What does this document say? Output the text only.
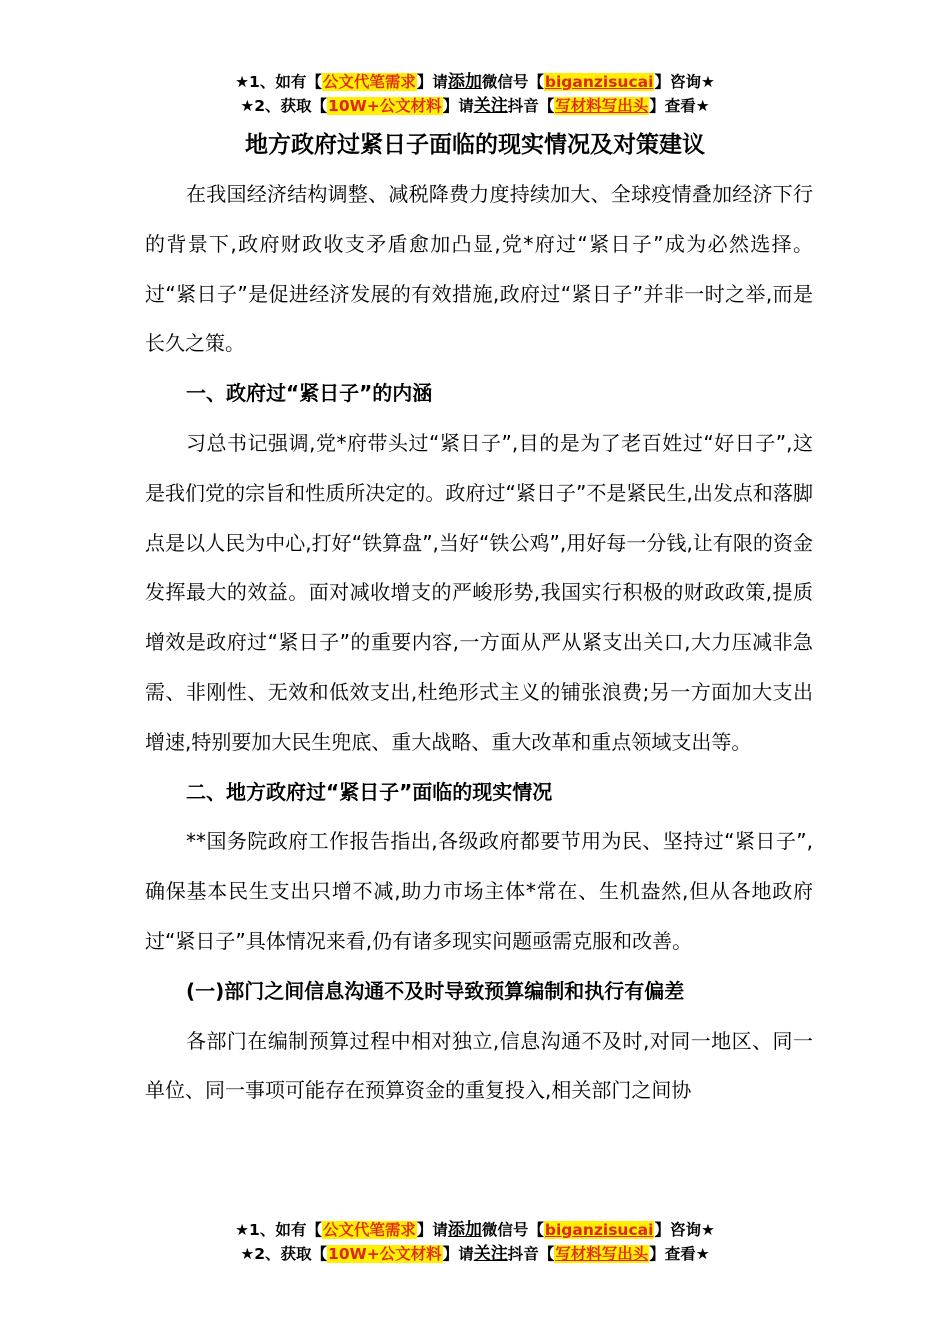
★1、如有【公文代笔需求】请添加微信号【biganzisucai】咨询★
★2、获取【10W+公文材料】请关注抖音【写材料写出头】查看★
地方政府过紧日子面临的现实情况及对策建议

在我国经济结构调整、减税降费力度持续加大、全球疫情叠加经济下行的背景下,政府财政收支矛盾愈加凸显,党*府过“紧日子”成为必然选择。过“紧日子”是促进经济发展的有效措施,政府过“紧日子”并非一时之举,而是长久之策。

一、政府过“紧日子”的内涵

习总书记强调,党*府带头过“紧日子”,目的是为了老百姓过“好日子”,这是我们党的宗旨和性质所决定的。政府过“紧日子”不是紧民生,出发点和落脚点是以人民为中心,打好“铁算盘”,当好“铁公鸡”,用好每一分钱,让有限的资金发挥最大的效益。面对减收增支的严峻形势,我国实行积极的财政政策,提质增效是政府过“紧日子”的重要内容,一方面从严从紧支出关口,大力压减非急需、非刚性、无效和低效支出,杜绝形式主义的铺张浪费;另一方面加大支出增速,特别要加大民生兜底、重大战略、重大改革和重点领域支出等。

二、地方政府过“紧日子”面临的现实情况

**国务院政府工作报告指出,各级政府都要节用为民、坚持过“紧日子”,确保基本民生支出只增不减,助力市场主体*常在、生机盎然,但从各地政府过“紧日子”具体情况来看,仍有诸多现实问题亟需克服和改善。

(一)部门之间信息沟通不及时导致预算编制和执行有偏差

各部门在编制预算过程中相对独立,信息沟通不及时,对同一地区、同一单位、同一事项可能存在预算资金的重复投入,相关部门之间协

★1、如有【公文代笔需求】请添加微信号【biganzisucai】咨询★
★2、获取【10W+公文材料】请关注抖音【写材料写出头】查看★
